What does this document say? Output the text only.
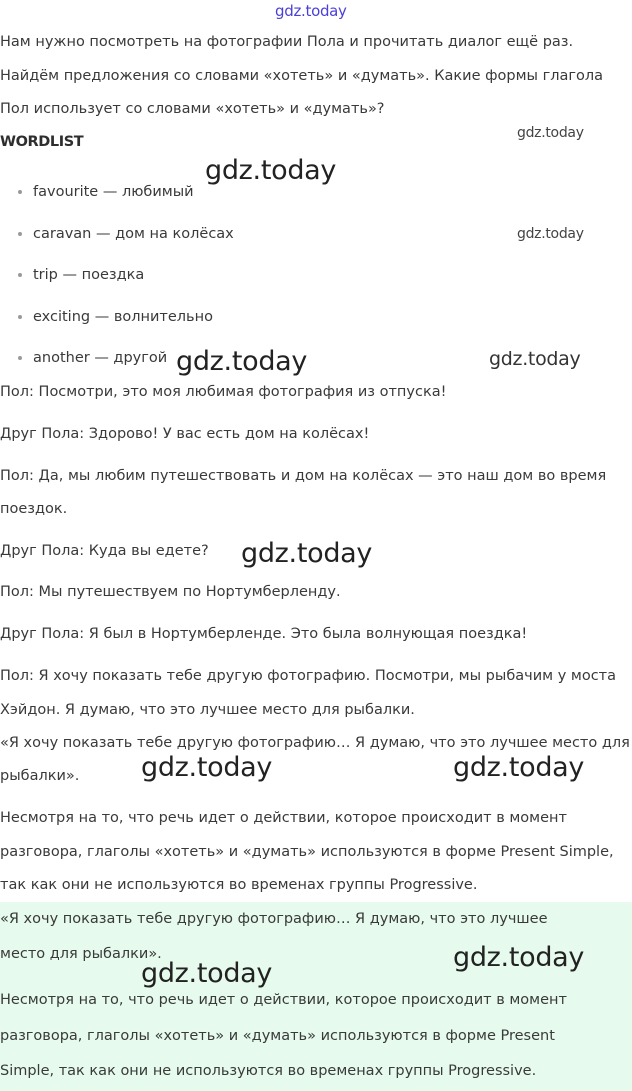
gdz.today
gdz.today
gdz.today
gdz.today
gdz.today	gdz.today
gdz.today
gdz.today	gdz.today
gdz.today
gdz.today
Нам нужно посмотреть на фотографии Пола и прочитать диалог ещё раз.
Найдём предложения со словами «хотеть» и «думать». Какие формы глагола
Пол использует со словами «хотеть» и «думать»?
WORDLIST
favourite — любимый
caravan — дом на колёсах
trip — поездка
exciting — волнительно
another — другой
Пол: Посмотри, это моя любимая фотография из отпуска!
Друг Пола: Здорово! У вас есть дом на колёсах!
Пол: Да, мы любим путешествовать и дом на колёсах — это наш дом во время
поездок.
Друг Пола: Куда вы едете?
Пол: Мы путешествуем по Нортумберленду.
Друг Пола: Я был в Нортумберленде. Это была волнующая поездка!
Пол: Я хочу показать тебе другую фотографию. Посмотри, мы рыбачим у моста
Хэйдон. Я думаю, что это лучшее место для рыбалки.
«Я хочу показать тебе другую фотографию… Я думаю, что это лучшее место для
рыбалки».
Несмотря на то, что речь идет о действии, которое происходит в момент
разговора, глаголы «хотеть» и «думать» используются в форме Present Simple,
так как они не используются во временах группы Progressive.
«Я хочу показать тебе другую фотографию… Я думаю, что это лучшее
место для рыбалки».
Несмотря на то, что речь идет о действии, которое происходит в момент
разговора, глаголы «хотеть» и «думать» используются в форме Present
Simple, так как они не используются во временах группы Progressive.
